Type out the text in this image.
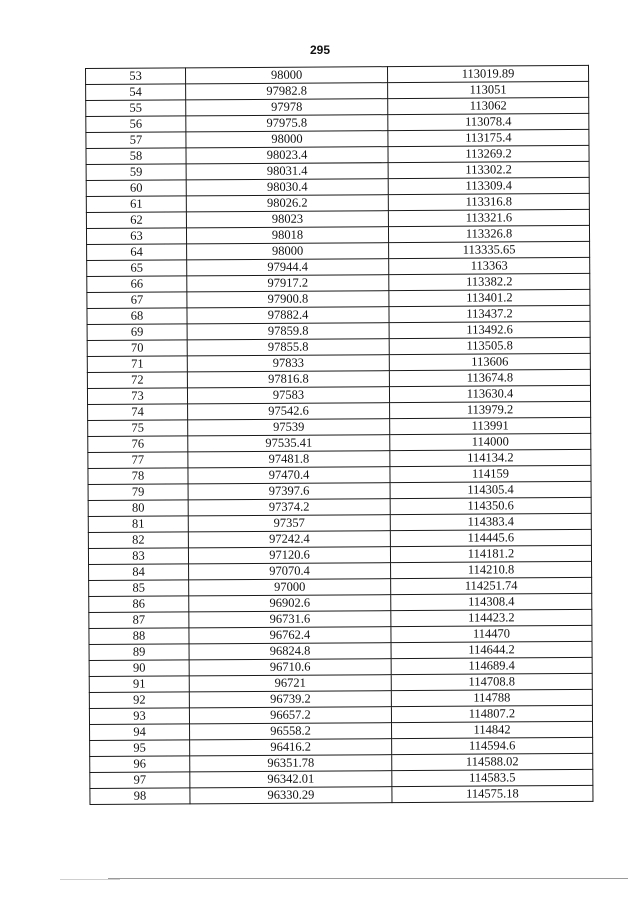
295
53	98000	113019.89
54	97982.8	113051
55	97978	113062
56	97975.8	113078.4
57	98000	113175.4
58	98023.4	113269.2
59	98031.4	113302.2
60	98030.4	113309.4
61	98026.2	113316.8
62	98023	113321.6
63	98018	113326.8
64	98000	113335.65
65	97944.4	113363
66	97917.2	113382.2
67	97900.8	113401.2
68	97882.4	113437.2
69	97859.8	113492.6
70	97855.8	113505.8
71	97833	113606
72	97816.8	113674.8
73	97583	113630.4
74	97542.6	113979.2
75	97539	113991
76	97535.41	114000
77	97481.8	114134.2
78	97470.4	114159
79	97397.6	114305.4
80	97374.2	114350.6
81	97357	114383.4
82	97242.4	114445.6
83	97120.6	114181.2
84	97070.4	114210.8
85	97000	114251.74
86	96902.6	114308.4
87	96731.6	114423.2
88	96762.4	114470
89	96824.8	114644.2
90	96710.6	114689.4
91	96721	114708.8
92	96739.2	114788
93	96657.2	114807.2
94	96558.2	114842
95	96416.2	114594.6
96	96351.78	114588.02
97	96342.01	114583.5
98	96330.29	114575.18
